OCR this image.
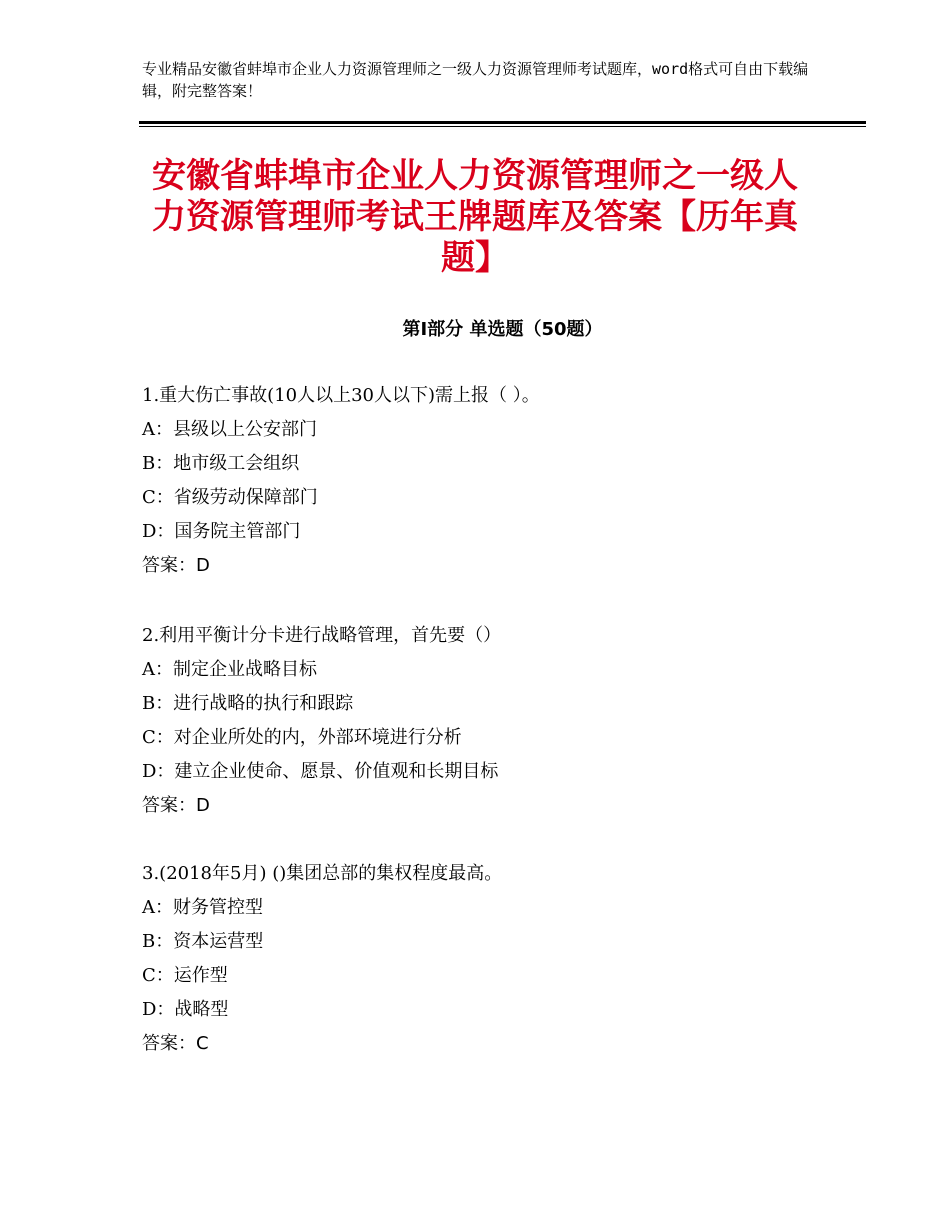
专业精品安徽省蚌埠市企业人力资源管理师之一级人力资源管理师考试题库，word格式可自由下载编辑，附完整答案！
安徽省蚌埠市企业人力资源管理师之一级人力资源管理师考试王牌题库及答案【历年真题】
第Ⅰ部分 单选题（50题）
1.重大伤亡事故(10人以上30人以下)需上报（ ）。
A：县级以上公安部门
B：地市级工会组织
C：省级劳动保障部门
D：国务院主管部门
答案：D
2.利用平衡计分卡进行战略管理，首先要（）
A：制定企业战略目标
B：进行战略的执行和跟踪
C：对企业所处的内，外部环境进行分析
D：建立企业使命、愿景、价值观和长期目标
答案：D
3.(2018年5月) ()集团总部的集权程度最高。
A：财务管控型
B：资本运营型
C：运作型
D：战略型
答案：C
